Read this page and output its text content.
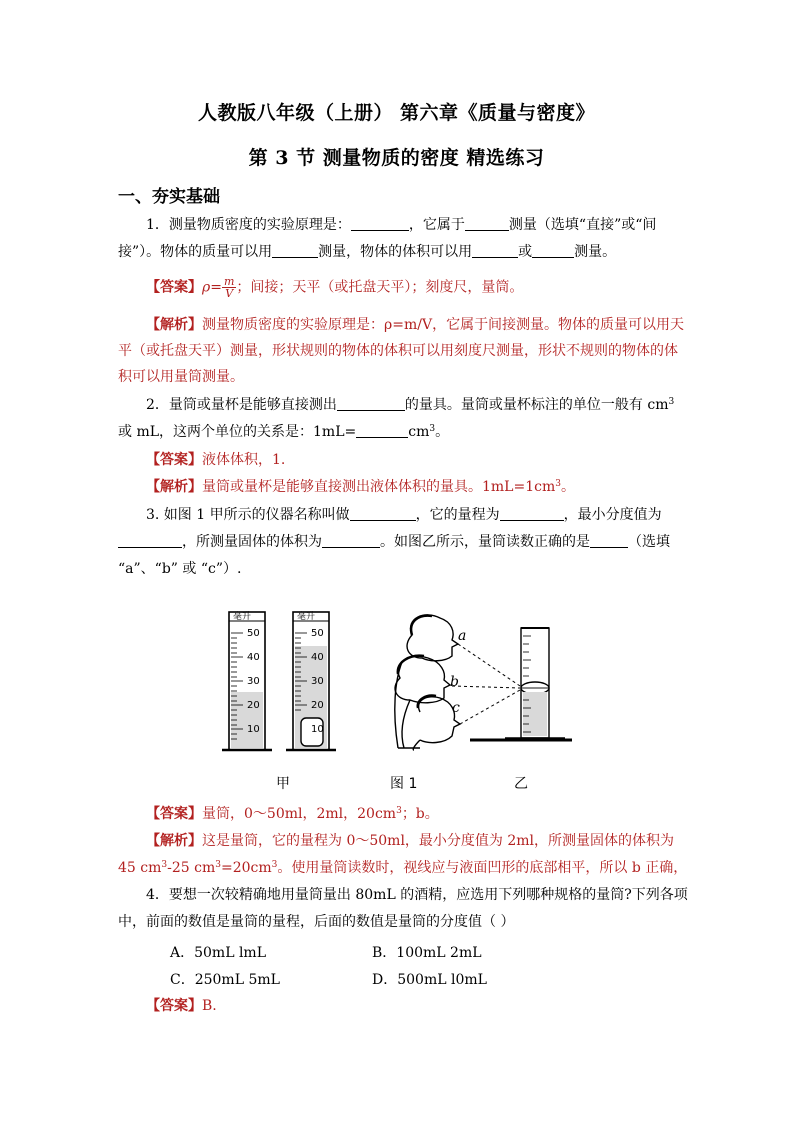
人教版八年级（上册） 第六章《质量与密度》
第 3 节 测量物质的密度 精选练习
一、夯实基础
1．测量物质密度的实验原理是：	，它属于	测量（选填“直接”或“间
接”）。物体的质量可以用	测量，物体的体积可以用	或	测量。
【答案】$\rho= \frac{m}{V}$ ；间接；天平（或托盘天平）；刻度尺，量筒。
【解析】测量物质密度的实验原理是：ρ=m/V，它属于间接测量。物体的质量可以用天
平（或托盘天平）测量，形状规则的物体的体积可以用刻度尺测量，形状不规则的物体的体
积可以用量筒测量。
2．量筒或量杯是能够直接测出	的量具。量筒或量杯标注的单位一般有 $cm^3$
或 mL，这两个单位的关系是：1mL=	$cm^3$。
【答案】液体体积，1.
【解析】量筒或量杯是能够直接测出液体体积的量具。$1mL=1cm^3$。
3. 如图 1 甲所示的仪器名称叫做	，它的量程为	，最小分度值为
，所测量固体的体积为	。如图乙所示，量筒读数正确的是	（选填
“a”、“b” 或 “c”）.
毫升
50
40
30
20
10
毫升
50
40
30
20
10
a
b
c
甲	图 1	乙
【答案】量筒，0～50ml，2ml，$20cm^3$；b。
【解析】这是量筒，它的量程为 0～50ml，最小分度值为 2ml，所测量固体的体积为
45 $cm^3-25$ $cm^3=20cm^3$。使用量筒读数时，视线应与液面凹形的底部相平，所以 b 正确，
4．要想一次较精确地用量筒量出 80mL 的酒精，应选用下列哪种规格的量筒?下列各项
中，前面的数值是量筒的量程，后面的数值是量筒的分度值（ ）
A．50mL lmL	B．100mL 2mL
C．250mL 5mL	D．500mL l0mL
【答案】B.
